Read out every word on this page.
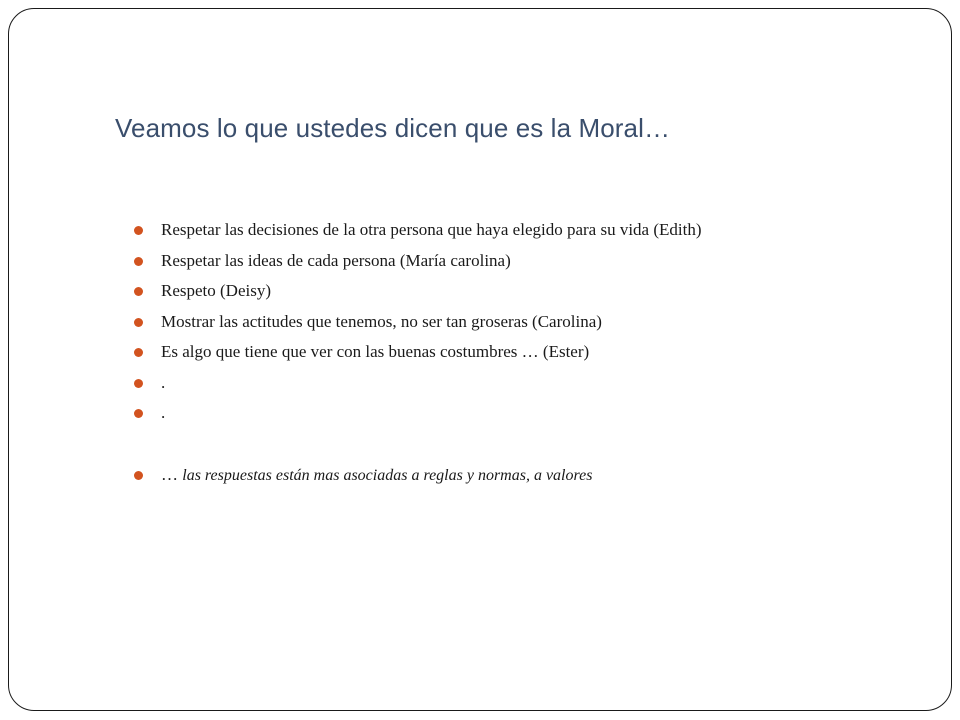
Veamos lo que ustedes dicen que es la Moral…
Respetar las decisiones de la otra persona que haya elegido para su vida (Edith)
Respetar las ideas de cada persona (María carolina)
Respeto (Deisy)
Mostrar las actitudes que tenemos, no ser tan groseras (Carolina)
Es algo que tiene que ver con las buenas costumbres … (Ester)
.
.
… las respuestas están mas asociadas a reglas y normas, a valores
